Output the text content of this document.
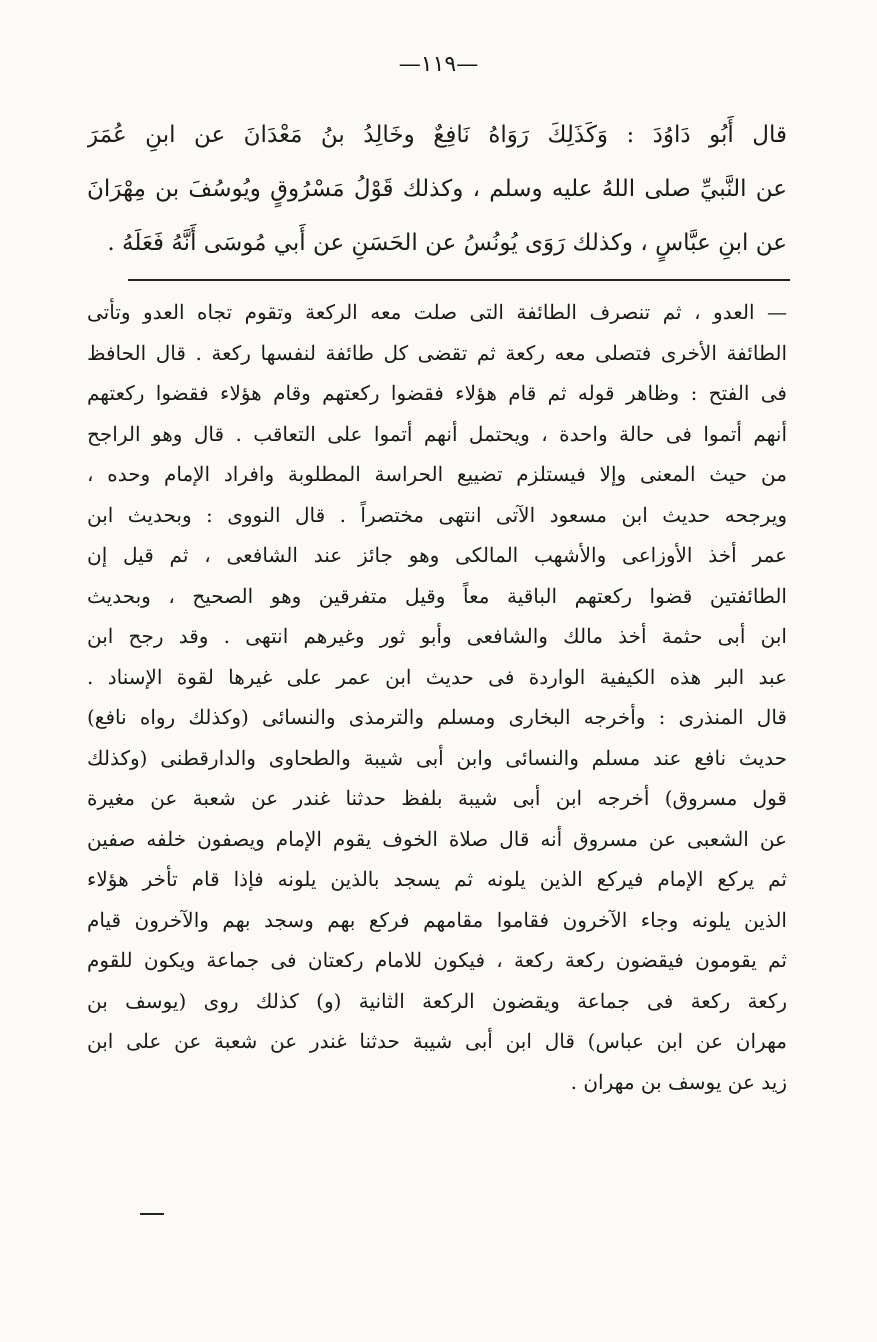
—١١٩—
قال أَبُو دَاوُدَ : وَكَذَلِكَ رَوَاهُ نَافِعٌ وخَالِدُ بنُ مَعْدَانَ عن ابنِ عُمَرَ
عن النَّبيِّ صلى اللهُ عليه وسلم ، وكذلك قَوْلُ مَسْرُوقٍ ويُوسُفَ بن مِهْرَانَ
عن ابنِ عبَّاسٍ ، وكذلك رَوَى يُونُسُ عن الحَسَنِ عن أَبي مُوسَى أَنَّهُ فَعَلَهُ .
— العدو ، ثم تنصرف الطائفة التى صلت معه الركعة وتقوم تجاه العدو وتأتى
الطائفة الأخرى فتصلى معه ركعة ثم تقضى كل طائفة لنفسها ركعة . قال الحافظ
فى الفتح : وظاهر قوله ثم قام هؤلاء فقضوا ركعتهم وقام هؤلاء فقضوا ركعتهم
أنهم أتموا فى حالة واحدة ، ويحتمل أنهم أتموا على التعاقب . قال وهو الراجح
من حيث المعنى وإلا فيستلزم تضييع الحراسة المطلوبة وافراد الإمام وحده ،
ويرجحه حديث ابن مسعود الآتى انتهى مختصراً . قال النووى : وبحديث ابن
عمر أخذ الأوزاعى والأشهب المالكى وهو جائز عند الشافعى ، ثم قيل إن
الطائفتين قضوا ركعتهم الباقية معاً وقيل متفرقين وهو الصحيح ، وبحديث
ابن أبى حثمة أخذ مالك والشافعى وأبو ثور وغيرهم انتهى . وقد رجح ابن
عبد البر هذه الكيفية الواردة فى حديث ابن عمر على غيرها لقوة الإسناد .
قال المنذرى : وأخرجه البخارى ومسلم والترمذى والنسائى (وكذلك رواه نافع)
حديث نافع عند مسلم والنسائى وابن أبى شيبة والطحاوى والدارقطنى (وكذلك
قول مسروق) أخرجه ابن أبى شيبة بلفظ حدثنا غندر عن شعبة عن مغيرة
عن الشعبى عن مسروق أنه قال صلاة الخوف يقوم الإمام ويصفون خلفه صفين
ثم يركع الإمام فيركع الذين يلونه ثم يسجد بالذين يلونه فإذا قام تأخر هؤلاء
الذين يلونه وجاء الآخرون فقاموا مقامهم فركع بهم وسجد بهم والآخرون قيام
ثم يقومون فيقضون ركعة ركعة ، فيكون للامام ركعتان فى جماعة ويكون للقوم
ركعة ركعة فى جماعة ويقضون الركعة الثانية (و) كذلك روى (يوسف بن
مهران عن ابن عباس) قال ابن أبى شيبة حدثنا غندر عن شعبة عن على ابن
زيد عن يوسف بن مهران .
